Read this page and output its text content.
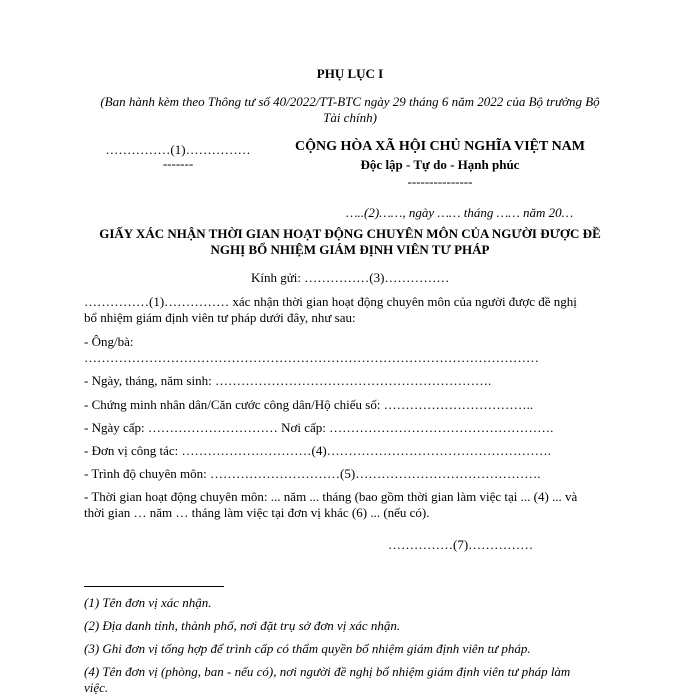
PHỤ LỤC I
(Ban hành kèm theo Thông tư số 40/2022/TT-BTC ngày 29 tháng 6 năm 2022 của Bộ trưởng Bộ
Tài chính)
……………(1)……………
-------
CỘNG HÒA XÃ HỘI CHỦ NGHĨA VIỆT NAM
Độc lập - Tự do - Hạnh phúc
---------------
…..(2)……, ngày …… tháng …… năm 20…
GIẤY XÁC NHẬN THỜI GIAN HOẠT ĐỘNG CHUYÊN MÔN CỦA NGƯỜI ĐƯỢC ĐỀ
NGHỊ BỔ NHIỆM GIÁM ĐỊNH VIÊN TƯ PHÁP
Kính gửi: ……………(3)……………
……………(1)…………… xác nhận thời gian hoạt động chuyên môn của người được đề nghị
bổ nhiệm giám định viên tư pháp dưới đây, như sau:
- Ông/bà:
……………………………………………………………………………………………
- Ngày, tháng, năm sinh: ……………………………………………………….
- Chứng minh nhân dân/Căn cước công dân/Hộ chiếu số: ……………………………..
- Ngày cấp: ………………………… Nơi cấp: …………………………………………….
- Đơn vị công tác: …………………………(4)…………………………………………….
- Trình độ chuyên môn: …………………………(5)…………………………………….
- Thời gian hoạt động chuyên môn: ... năm ... tháng (bao gồm thời gian làm việc tại ... (4) ... và
thời gian … năm … tháng làm việc tại đơn vị khác (6) ... (nếu có).
……………(7)……………
(1) Tên đơn vị xác nhận.
(2) Địa danh tỉnh, thành phố, nơi đặt trụ sở đơn vị xác nhận.
(3) Ghi đơn vị tổng hợp để trình cấp có thẩm quyền bổ nhiệm giám định viên tư pháp.
(4) Tên đơn vị (phòng, ban - nếu có), nơi người đề nghị bổ nhiệm giám định viên tư pháp làm
việc.
